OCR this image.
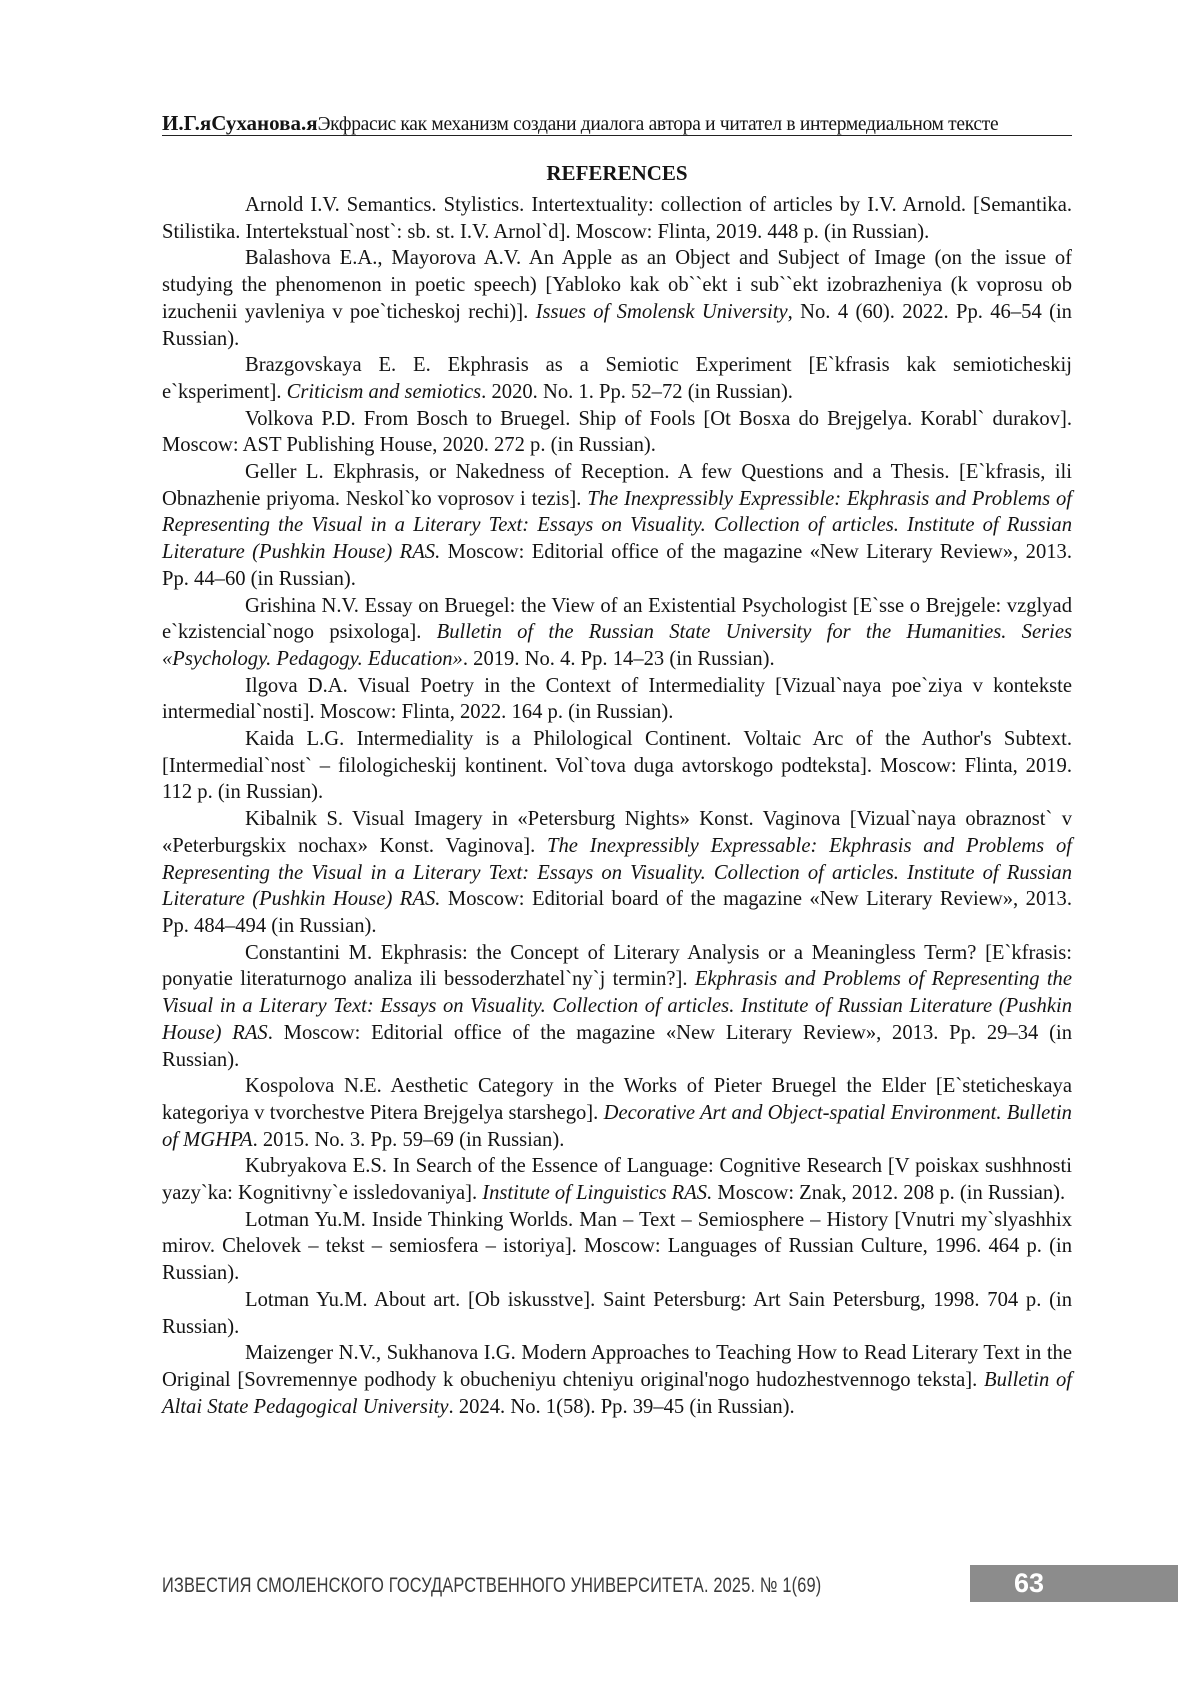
И.Г.яСуханова.яЭкфрасис как механизм создани диалога автора и читател в интермедиальном тексте
REFERENCES

Arnold I.V. Semantics. Stylistics. Intertextuality: collection of articles by I.V. Arnold. [Semantika. Stilistika. Intertekstual`nost`: sb. st. I.V. Arnol`d]. Moscow: Flinta, 2019. 448 p. (in Russian).

Balashova E.A., Mayorova A.V. An Apple as an Object and Subject of Image (on the issue of studying the phenomenon in poetic speech) [Yabloko kak ob``ekt i sub``ekt izobrazheniya (k voprosu ob izuchenii yavleniya v poe`ticheskoj rechi)]. Issues of Smolensk University, No. 4 (60). 2022. Pp. 46–54 (in Russian).

Brazgovskaya E. E. Ekphrasis as a Semiotic Experiment [E`kfrasis kak semioticheskij e`ksperiment]. Criticism and semiotics. 2020. No. 1. Pp. 52–72 (in Russian).

Volkova P.D. From Bosch to Bruegel. Ship of Fools [Ot Bosxa do Brejgelya. Korabl` durakov]. Moscow: AST Publishing House, 2020. 272 p. (in Russian).

Geller L. Ekphrasis, or Nakedness of Reception. A few Questions and a Thesis. [E`kfrasis, ili Obnazhenie priyoma. Neskol`ko voprosov i tezis]. The Inexpressibly Expressible: Ekphrasis and Problems of Representing the Visual in a Literary Text: Essays on Visuality. Collection of articles. Institute of Russian Literature (Pushkin House) RAS. Moscow: Editorial office of the magazine «New Literary Review», 2013. Pp. 44–60 (in Russian).

Grishina N.V. Essay on Bruegel: the View of an Existential Psychologist [E`sse o Brejgele: vzglyad e`kzistencial`nogo psixologa]. Bulletin of the Russian State University for the Humanities. Series «Psychology. Pedagogy. Education». 2019. No. 4. Pp. 14–23 (in Russian).

Ilgova D.A. Visual Poetry in the Context of Intermediality [Vizual`naya poe`ziya v kontekste intermedial`nosti]. Moscow: Flinta, 2022. 164 p. (in Russian).

Kaida L.G. Intermediality is a Philological Continent. Voltaic Arc of the Author's Subtext. [Intermedial`nost` – filologicheskij kontinent. Vol`tova duga avtorskogo podteksta]. Moscow: Flinta, 2019. 112 p. (in Russian).

Kibalnik S. Visual Imagery in «Petersburg Nights» Konst. Vaginova [Vizual`naya obraznost` v «Peterburgskix nochax» Konst. Vaginova]. The Inexpressibly Expressable: Ekphrasis and Problems of Representing the Visual in a Literary Text: Essays on Visuality. Collection of articles. Institute of Russian Literature (Pushkin House) RAS. Moscow: Editorial board of the magazine «New Literary Review», 2013. Pp. 484–494 (in Russian).

Constantini M. Ekphrasis: the Concept of Literary Analysis or a Meaningless Term? [E`kfrasis: ponyatie literaturnogo analiza ili bessoderzhatel`ny`j termin?]. Ekphrasis and Problems of Representing the Visual in a Literary Text: Essays on Visuality. Collection of articles. Institute of Russian Literature (Pushkin House) RAS. Moscow: Editorial office of the magazine «New Literary Review», 2013. Pp. 29–34 (in Russian).

Kospolova N.E. Aesthetic Category in the Works of Pieter Bruegel the Elder [E`steticheskaya kategoriya v tvorchestve Pitera Brejgelya starshego]. Decorative Art and Object-spatial Environment. Bulletin of MGHPA. 2015. No. 3. Pp. 59–69 (in Russian).

Kubryakova E.S. In Search of the Essence of Language: Cognitive Research [V poiskax sushhnosti yazy`ka: Kognitivny`e issledovaniya]. Institute of Linguistics RAS. Moscow: Znak, 2012. 208 p. (in Russian).

Lotman Yu.M. Inside Thinking Worlds. Man – Text – Semiosphere – History [Vnutri my`slyashhix mirov. Chelovek – tekst – semiosfera – istoriya]. Moscow: Languages of Russian Culture, 1996. 464 p. (in Russian).

Lotman Yu.M. About art. [Ob iskusstve]. Saint Petersburg: Art Sain Petersburg, 1998. 704 p. (in Russian).

Maizenger N.V., Sukhanova I.G. Modern Approaches to Teaching How to Read Literary Text in the Original [Sovremennye podhody k obucheniyu chteniyu original'nogo hudozhestvennogo teksta]. Bulletin of Altai State Pedagogical University. 2024. No. 1(58). Pp. 39–45 (in Russian).

ИЗВЕСТИЯ СМОЛЕНСКОГО ГОСУДАРСТВЕННОГО УНИВЕРСИТЕТА. 2025. № 1(69)	63
